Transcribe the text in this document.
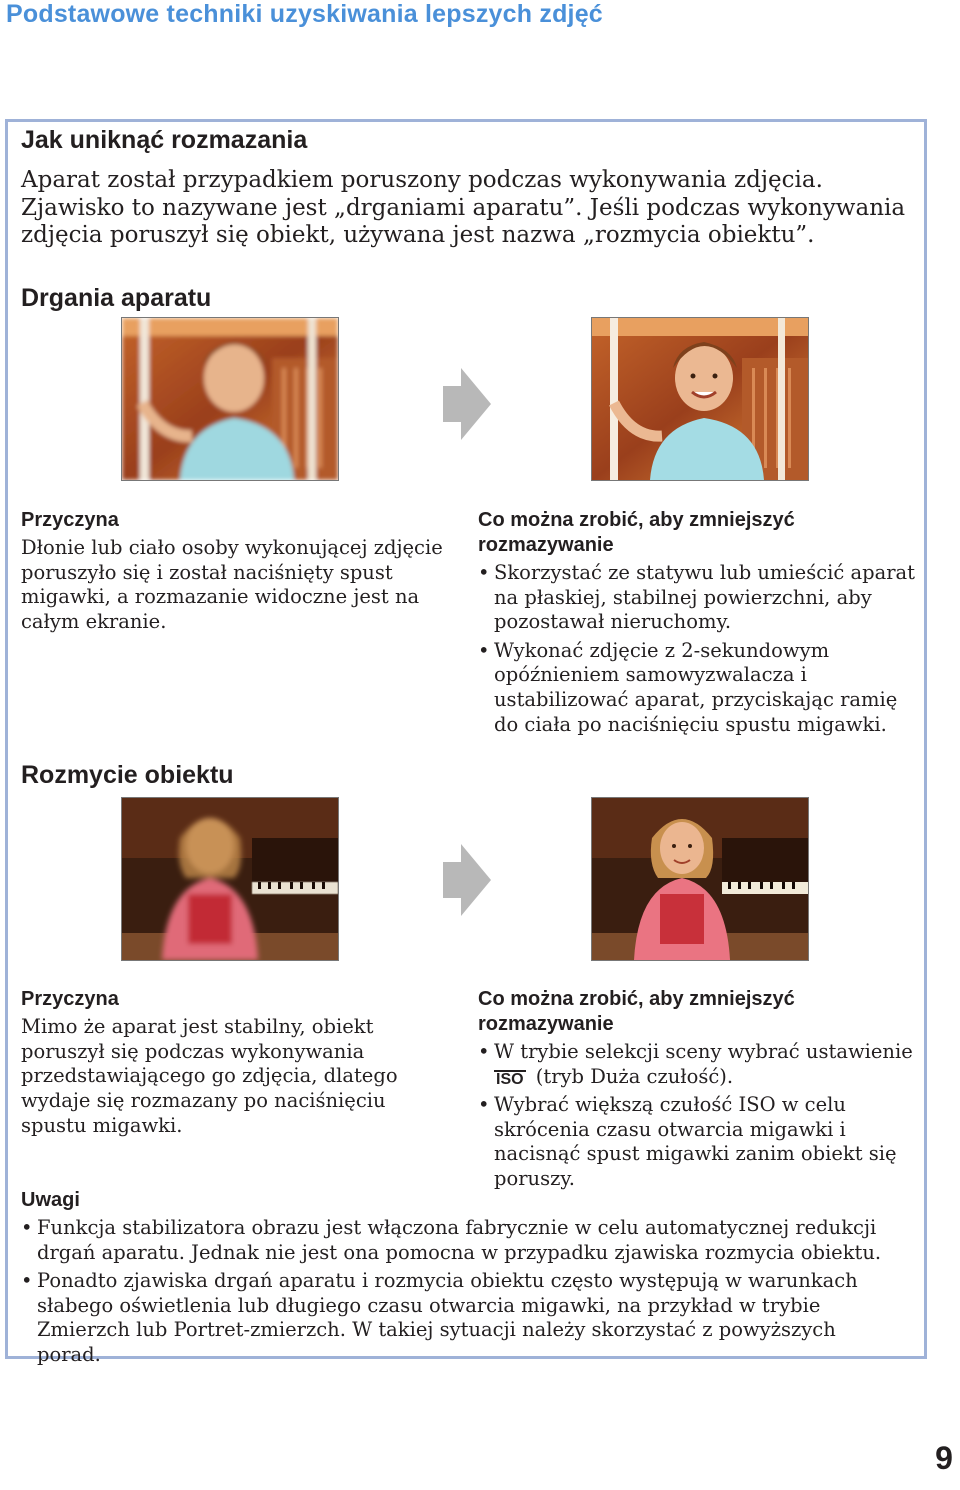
Podstawowe techniki uzyskiwania lepszych zdjęć
Jak uniknąć rozmazania
Aparat został przypadkiem poruszony podczas wykonywania zdjęcia. Zjawisko to nazywane jest „drganiami aparatu”. Jeśli podczas wykonywania zdjęcia poruszył się obiekt, używana jest nazwa „rozmycia obiektu”.
Drgania aparatu
Przyczyna
Dłonie lub ciało osoby wykonującej zdjęcie poruszyło się i został naciśnięty spust migawki, a rozmazanie widoczne jest na całym ekranie.
Co można zrobić, aby zmniejszyć rozmazywanie
• Skorzystać ze statywu lub umieścić aparat na płaskiej, stabilnej powierzchni, aby pozostawał nieruchomy.
• Wykonać zdjęcie z 2-sekundowym opóźnieniem samowyzwalacza i ustabilizować aparat, przyciskając ramię do ciała po naciśnięciu spustu migawki.
Rozmycie obiektu
Przyczyna
Mimo że aparat jest stabilny, obiekt poruszył się podczas wykonywania przedstawiającego go zdjęcia, dlatego wydaje się rozmazany po naciśnięciu spustu migawki.
Co można zrobić, aby zmniejszyć rozmazywanie
• W trybie selekcji sceny wybrać ustawienie
ISO (tryb Duża czułość).
• Wybrać większą czułość ISO w celu skrócenia czasu otwarcia migawki i nacisnąć spust migawki zanim obiekt się poruszy.
Uwagi
• Funkcja stabilizatora obrazu jest włączona fabrycznie w celu automatycznej redukcji drgań aparatu. Jednak nie jest ona pomocna w przypadku zjawiska rozmycia obiektu.
• Ponadto zjawiska drgań aparatu i rozmycia obiektu często występują w warunkach słabego oświetlenia lub długiego czasu otwarcia migawki, na przykład w trybie Zmierzch lub Portret-zmierzch. W takiej sytuacji należy skorzystać z powyższych porad.
9
